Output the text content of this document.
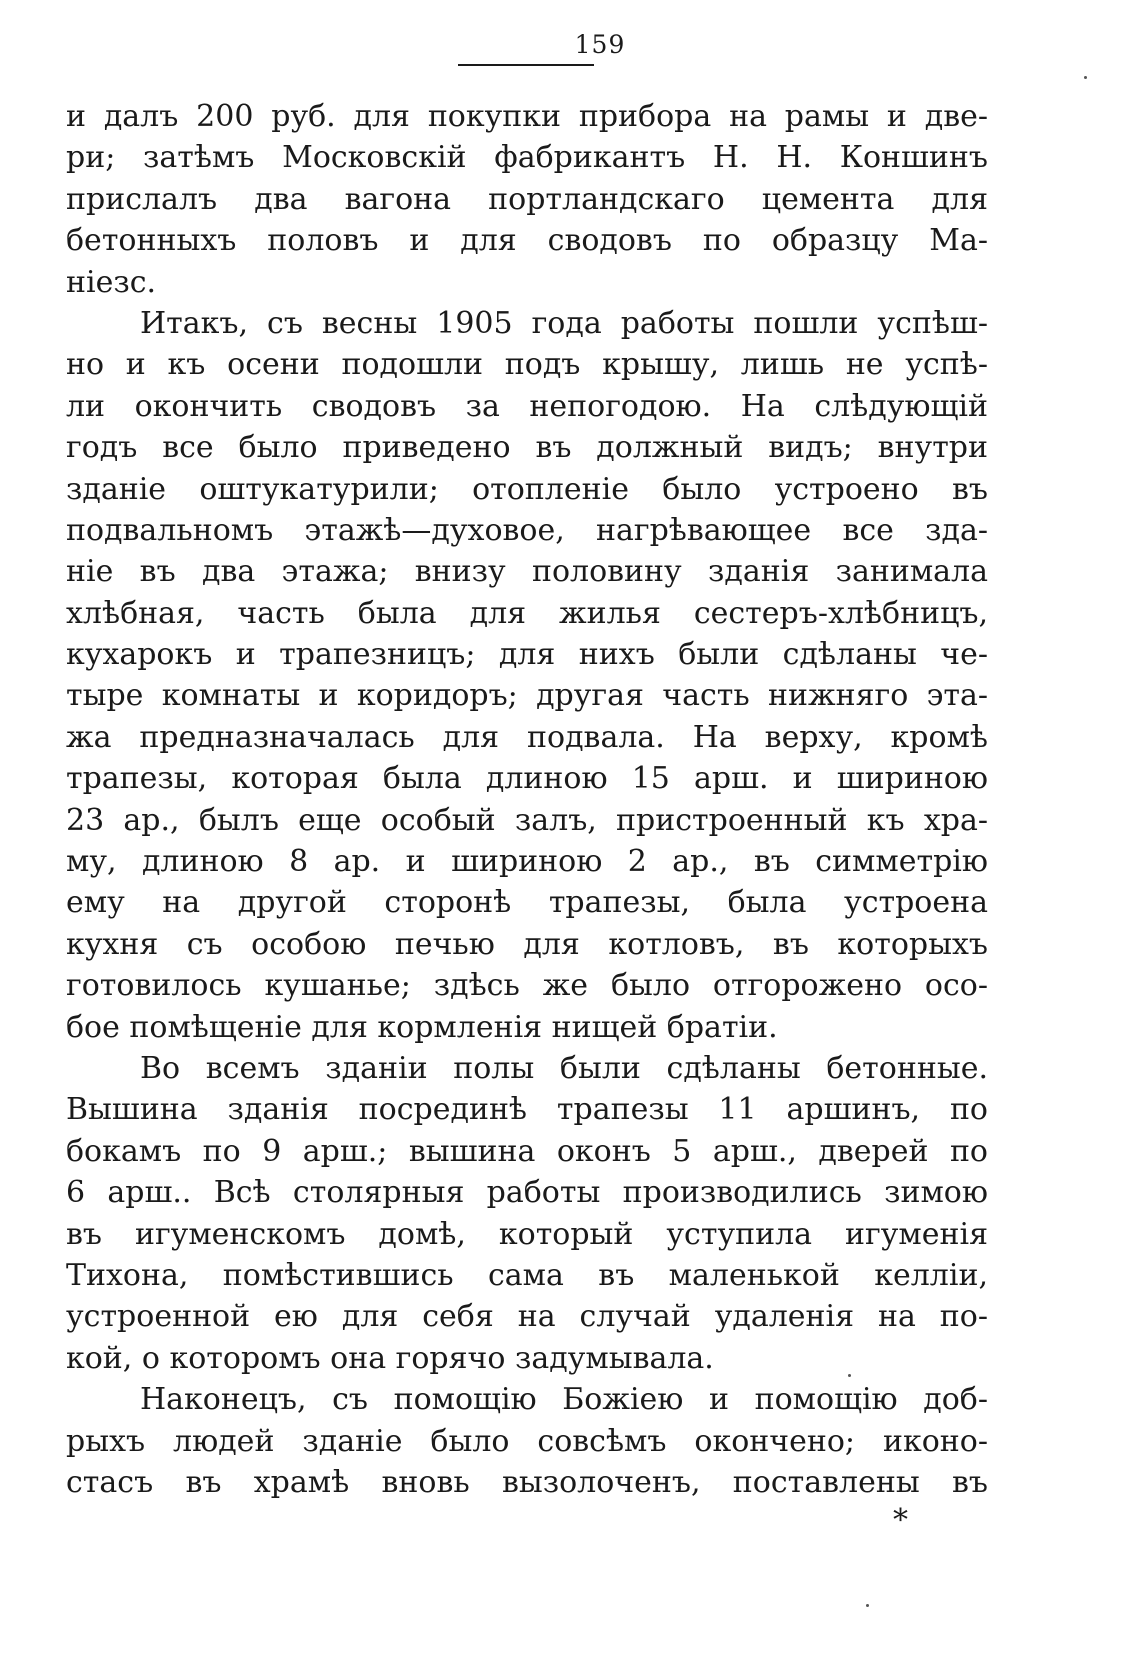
159
и далъ 200 руб. для покупки прибора на рамы и две-
ри; затѣмъ Московскій фабрикантъ Н. Н. Коншинъ
прислалъ два вагона портландскаго цемента для
бетонныхъ половъ и для сводовъ по образцу Ма-
ніезс.
Итакъ, съ весны 1905 года работы пошли успѣш-
но и къ осени подошли подъ крышу, лишь не успѣ-
ли окончить сводовъ за непогодою. На слѣдующій
годъ все было приведено въ должный видъ; внутри
зданіе оштукатурили; отопленіе было устроено въ
подвальномъ этажѣ—духовое, нагрѣвающее все зда-
ніе въ два этажа; внизу половину зданія занимала
хлѣбная, часть была для жилья сестеръ-хлѣбницъ,
кухарокъ и трапезницъ; для нихъ были сдѣланы че-
тыре комнаты и коридоръ; другая часть нижняго эта-
жа предназначалась для подвала. На верху, кромѣ
трапезы, которая была длиною 15 арш. и шириною
23 ар., былъ еще особый залъ, пристроенный къ хра-
му, длиною 8 ар. и шириною 2 ар., въ симметрію
ему на другой сторонѣ трапезы, была устроена
кухня съ особою печью для котловъ, въ которыхъ
готовилось кушанье; здѣсь же было отгорожено осо-
бое помѣщеніе для кормленія нищей братіи.
Во всемъ зданіи полы были сдѣланы бетонные.
Вышина зданія посрединѣ трапезы 11 аршинъ, по
бокамъ по 9 арш.; вышина оконъ 5 арш., дверей по
6 арш.. Всѣ столярныя работы производились зимою
въ игуменскомъ домѣ, который уступила игуменія
Тихона, помѣстившись сама въ маленькой келліи,
устроенной ею для себя на случай удаленія на по-
кой, о которомъ она горячо задумывала.
Наконецъ, съ помощію Божіею и помощію доб-
рыхъ людей зданіе было совсѣмъ окончено; иконо-
стасъ въ храмѣ вновь вызолоченъ, поставлены въ
*
